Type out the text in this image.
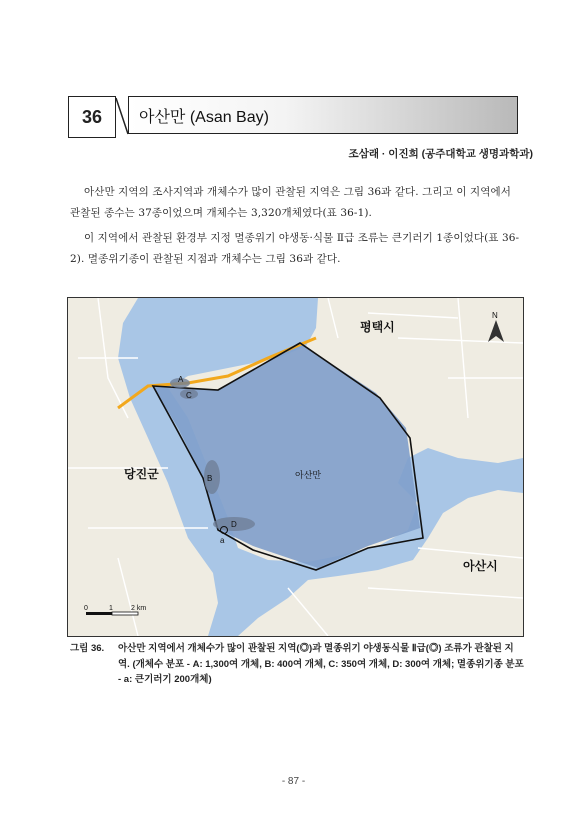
36 아산만 (Asan Bay)
조삼래 · 이진희 (공주대학교 생명과학과)
아산만 지역의 조사지역과 개체수가 많이 관찰된 지역은 그림 36과 같다. 그리고 이 지역에서 관찰된 종수는 37종이었으며 개체수는 3,320개체였다(표 36-1).
이 지역에서 관찰된 환경부 지정 멸종위기 야생동·식물 Ⅱ급 조류는 큰기러기 1종이었다(표 36-2). 멸종위기종이 관찰된 지점과 개체수는 그림 36과 같다.
A
C
B
D
a
평택시
당진군	아산만
아산시
N
0	1	2 km
그림 36.	아산만 지역에서 개체수가 많이 관찰된 지역(◎)과 멸종위기 야생동식물 Ⅱ급(◎) 조류가 관찰된 지역. (개체수 분포 - A: 1,300여 개체, B: 400여 개체, C: 350여 개체, D: 300여 개체; 멸종위기종 분포 - a: 큰기러기 200개체)
- 87 -
